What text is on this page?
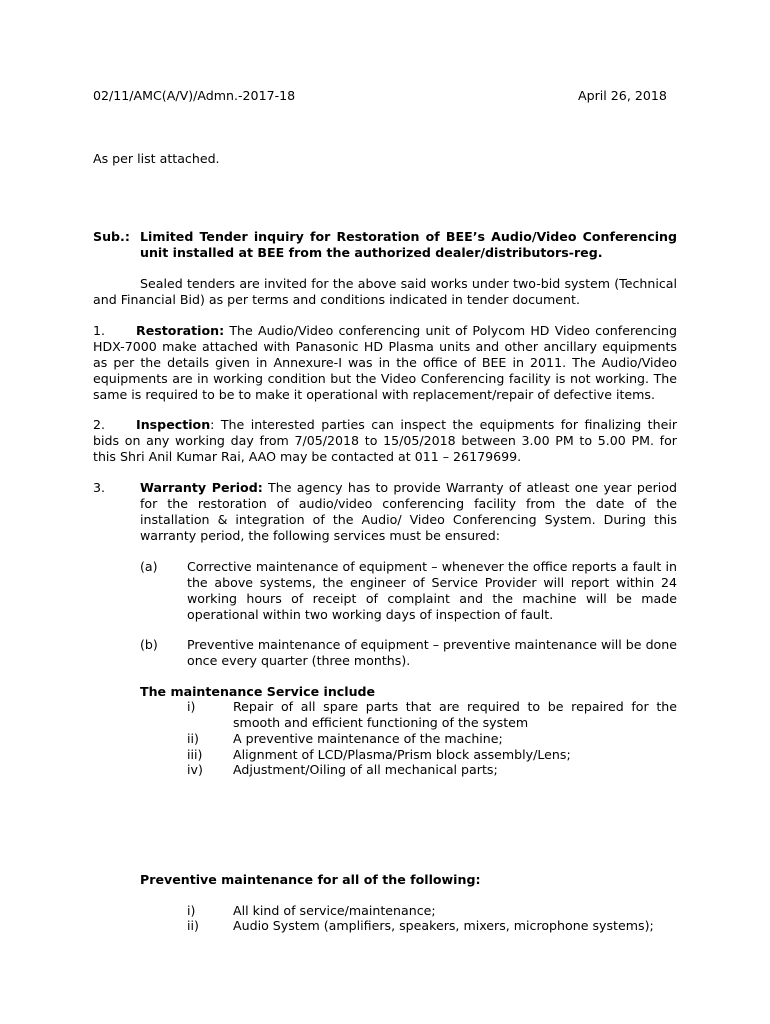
02/11/AMC(A/V)/Admn.-2017-18	April 26, 2018
As per list attached.
Sub.: Limited Tender inquiry for Restoration of BEE’s Audio/Video Conferencing unit installed at BEE from the authorized dealer/distributors-reg.
Sealed tenders are invited for the above said works under two-bid system (Technical and Financial Bid) as per terms and conditions indicated in tender document.
1. Restoration: The Audio/Video conferencing unit of Polycom HD Video conferencing HDX-7000 make attached with Panasonic HD Plasma units and other ancillary equipments as per the details given in Annexure-I was in the office of BEE in 2011. The Audio/Video equipments are in working condition but the Video Conferencing facility is not working. The same is required to be to make it operational with replacement/repair of defective items.
2. Inspection: The interested parties can inspect the equipments for finalizing their bids on any working day from 7/05/2018 to 15/05/2018 between 3.00 PM to 5.00 PM. for this Shri Anil Kumar Rai, AAO may be contacted at 011 – 26179699.
3.	Warranty Period: The agency has to provide Warranty of atleast one year period for the restoration of audio/video conferencing facility from the date of the installation & integration of the Audio/ Video Conferencing System. During this warranty period, the following services must be ensured:
(a) Corrective maintenance of equipment – whenever the office reports a fault in the above systems, the engineer of Service Provider will report within 24 working hours of receipt of complaint and the machine will be made operational within two working days of inspection of fault.
(b) Preventive maintenance of equipment – preventive maintenance will be done once every quarter (three months).
The maintenance Service include
i)	Repair of all spare parts that are required to be repaired for the smooth and efficient functioning of the system
ii)	A preventive maintenance of the machine;
iii) Alignment of LCD/Plasma/Prism block assembly/Lens;
iv) Adjustment/Oiling of all mechanical parts;
Preventive maintenance for all of the following:
i)	All kind of service/maintenance;
ii)	Audio System (amplifiers, speakers, mixers, microphone systems);
